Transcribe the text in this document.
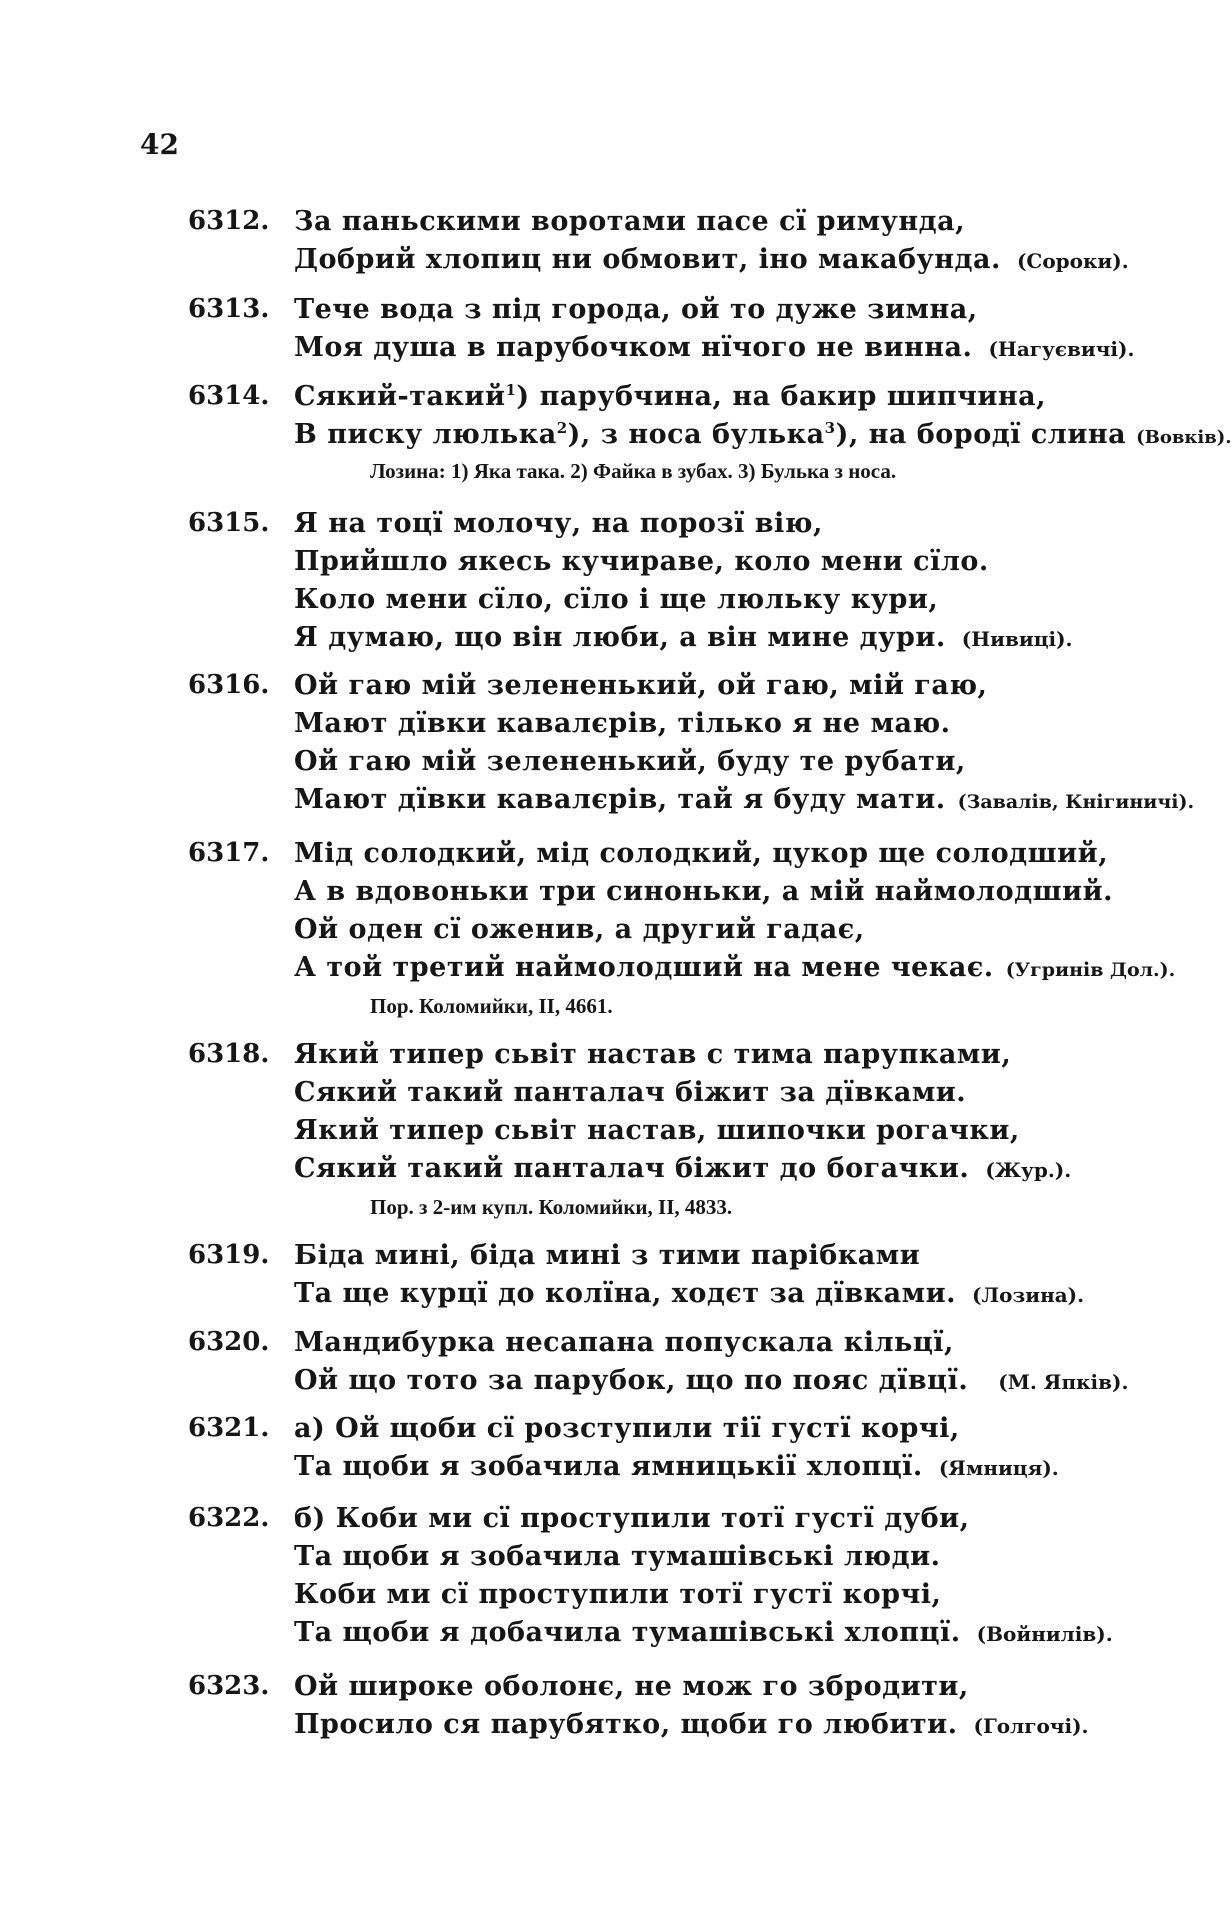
42
6312. За паньскими воротами пасе сї римунда,
Добрий хлопиц ни обмовит, іно макабунда. (Сороки).
6313. Тече вода з під города, ой то дуже зимна,
Моя душа в парубочком нїчого не винна. (Нагуєвичі).
6314. Сякий-такий$^1$) парубчина, на бакир шипчина,
В писку люлька$^2$), з носа булька$^3$), на бородї слина (Вовків).
Лозина: 1) Яка така. 2) Файка в зубах. 3) Булька з носа.
6315. Я на тоцї молочу, на порозї вію,
Прийшло якесь кучираве, коло мени сїло.
Коло мени сїло, сїло і ще люльку кури,
Я думаю, що він люби, а він мине дури. (Нивиці).
6316. Ой гаю мій зелененький, ой гаю, мій гаю,
Мают дївки кавалєрів, тілько я не маю.
Ой гаю мій зелененький, буду те рубати,
Мают дївки кавалєрів, тай я буду мати. (Завалів, Кнігиничі).
6317. Мід солодкий, мід солодкий, цукор ще солодший,
А в вдовоньки три синоньки, а мій наймолодший.
Ой оден сї оженив, а другий гадає,
А той третий наймолодший на мене чекає. (Угринів Дол.).
Пор. Коломийки, II, 4661.
6318. Який типер сьвіт настав с тима парупками,
Сякий такий панталач біжит за дївками.
Який типер сьвіт настав, шипочки рогачки,
Сякий такий панталач біжит до богачки. (Жур.).
Пор. з 2-им купл. Коломийки, II, 4833.
6319. Біда мині, біда мині з тими парібками
Та ще курцї до колїна, ходєт за дївками. (Лозина).
6320. Мандибурка несапана попускала кільцї,
Ой що тото за парубок, що по пояс дївцї. (М. Япків).
6321. а) Ой щоби сї розступили тії густї корчі,
Та щоби я зобачила ямницькії хлопцї. (Ямниця).
6322. б) Коби ми сї проступили тотї густї дуби,
Та щоби я зобачила тумашівські люди.
Коби ми сї проступили тотї густї корчі,
Та щоби я добачила тумашівські хлопцї. (Войнилів).
6323. Ой широке оболонє, не мож го збродити,
Просило ся парубятко, щоби го любити. (Голгочі).
